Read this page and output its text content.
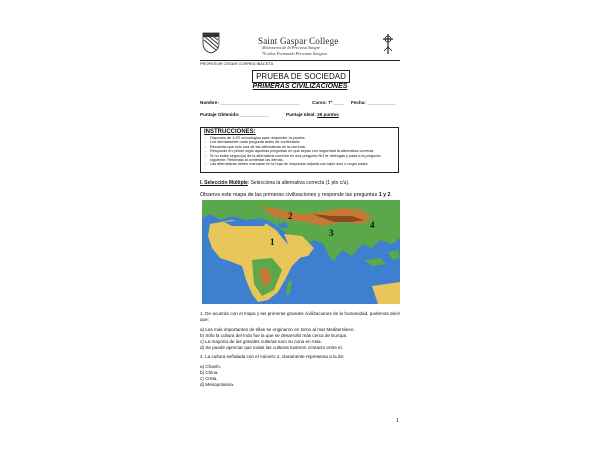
Saint Gaspar College
Misioneros de la Preciosa Sangre
70 años Formando Personas Íntegras
PROFESOR CESAR CORREA IBACETA
PRUEBA DE SOCIEDAD
PRIMERAS CIVILIZACIONES
Nombre: _______________________________	Curso: 7º ____ Fecha: ___________
Puntaje Obtenido: ___________	Puntaje Ideal: 36 puntos
INSTRUCCIONES:
- Dispones de 1:20' cronológica para responder la prueba.
- Lee atentamente cada pregunta antes de contestarla.
- Recuerda que sólo una de las alternativas es la correcta.
- Responde en primer lugar aquellas preguntas en que sepas con seguridad la alternativa correcta.
- Si no estás seguro(a) de la alternativa correcta en una pregunta NO te detengas y pasa a la pregunta siguiente. Retómala al contestar las demás.
- Las alternativas deben marcarse en la hoja de respuesta adjunta con lápiz azul o negro pasta.
I. Selección Múltiple: Selecciona la alternativa correcta (1 pto c/u).
Observa este mapa de las primeras civilizaciones y responde las preguntas 1 y 2.
1
2
3
4
1. De acuerdo con el mapa y las primeras grandes civilizaciones de la humanidad, podemos decir que:
a) Las más importantes de ellas se originaron en torno al mar Mediterráneo.
b) Sólo la cultura del Indo fue la que se desarrolló más cerca de Europa.
c) La mayoría de las grandes culturas tuvo su cuna en Asia.
d) Se puede apreciar que todas las culturas tuvieron contacto entre sí.
2. La cultura señalada con el número 2, claramente representa a la de:
a) Chavín.
b) China.
c) Creta.
d) Mesopotamia.
1
